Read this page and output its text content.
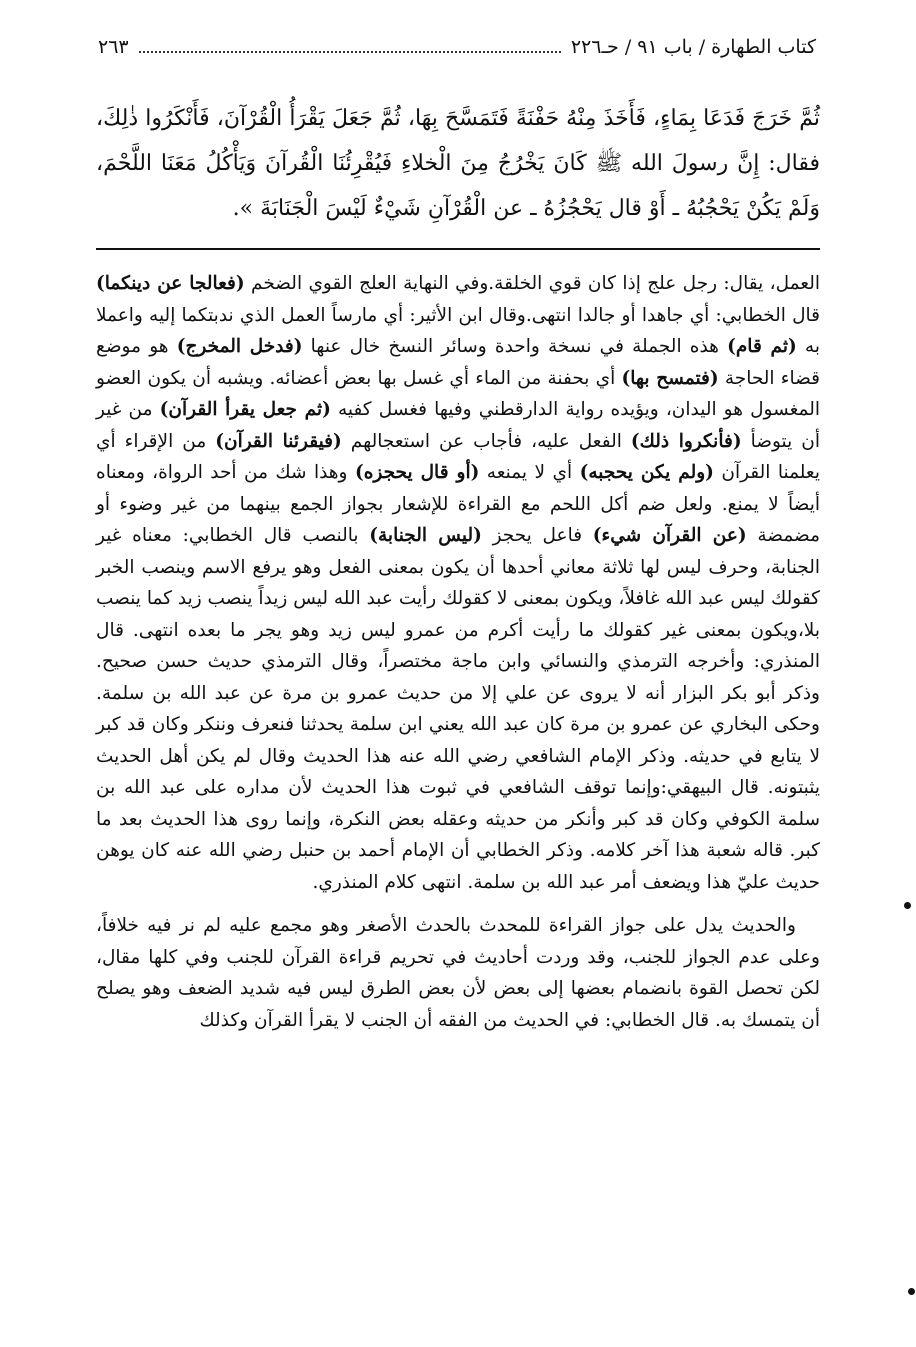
كتاب الطهارة / باب ٩١ / حـ٢٢٦
٢٦٣

ثُمَّ خَرَجَ فَدَعَا بِمَاءٍ، فَأَخَذَ مِنْهُ حَفْنَةً فَتَمَسَّحَ بِهَا، ثُمَّ جَعَلَ يَقْرَأُ الْقُرْآنَ، فَأَنْكَرُوا ذٰلِكَ، فقال: إِنَّ رسولَ الله ﷺ كَانَ يَخْرُجُ مِنَ الْخلاءِ فَيُقْرِئُنَا الْقُرآنَ وَيَأْكُلُ مَعَنَا اللَّحْمَ، وَلَمْ يَكُنْ يَحْجُبُهُ ـ أَوْ قال يَحْجُزُهُ ـ عن الْقُرْآنِ شَيْءٌ لَيْسَ الْجَنَابَةَ ».

العمل، يقال: رجل علج إذا كان قوي الخلقة.وفي النهاية العلج القوي الضخم (فعالجا عن دينكما) قال الخطابي: أي جاهدا أو جالدا انتهى.وقال ابن الأثير: أي مارساً العمل الذي ندبتكما إليه واعملا به (ثم قام) هذه الجملة في نسخة واحدة وسائر النسخ خال عنها (فدخل المخرج) هو موضع قضاء الحاجة (فتمسح بها) أي بحفنة من الماء أي غسل بها بعض أعضائه. ويشبه أن يكون العضو المغسول هو اليدان، ويؤيده رواية الدارقطني وفيها فغسل كفيه (ثم جعل يقرأ القرآن) من غير أن يتوضأ (فأنكروا ذلك) الفعل عليه، فأجاب عن استعجالهم (فيقرئنا القرآن) من الإقراء أي يعلمنا القرآن (ولم يكن يحجبه) أي لا يمنعه (أو قال يحجزه) وهذا شك من أحد الرواة، ومعناه أيضاً لا يمنع. ولعل ضم أكل اللحم مع القراءة للإشعار بجواز الجمع بينهما من غير وضوء أو مضمضة (عن القرآن شيء) فاعل يحجز (ليس الجنابة) بالنصب قال الخطابي: معناه غير الجنابة، وحرف ليس لها ثلاثة معاني أحدها أن يكون بمعنى الفعل وهو يرفع الاسم وينصب الخبر كقولك ليس عبد الله غافلاً، ويكون بمعنى لا كقولك رأيت عبد الله ليس زيداً ينصب زيد كما ينصب بلا،ويكون بمعنى غير كقولك ما رأيت أكرم من عمرو ليس زيد وهو يجر ما بعده انتهى. قال المنذري: وأخرجه الترمذي والنسائي وابن ماجة مختصراً، وقال الترمذي حديث حسن صحيح. وذكر أبو بكر البزار أنه لا يروى عن علي إلا من حديث عمرو بن مرة عن عبد الله بن سلمة. وحكى البخاري عن عمرو بن مرة كان عبد الله يعني ابن سلمة يحدثنا فنعرف وننكر وكان قد كبر لا يتابع في حديثه. وذكر الإمام الشافعي رضي الله عنه هذا الحديث وقال لم يكن أهل الحديث يثبتونه. قال البيهقي:وإنما توقف الشافعي في ثبوت هذا الحديث لأن مداره على عبد الله بن سلمة الكوفي وكان قد كبر وأنكر من حديثه وعقله بعض النكرة، وإنما روى هذا الحديث بعد ما كبر. قاله شعبة هذا آخر كلامه. وذكر الخطابي أن الإمام أحمد بن حنبل رضي الله عنه كان يوهن حديث عليّ هذا ويضعف أمر عبد الله بن سلمة. انتهى كلام المنذري.

والحديث يدل على جواز القراءة للمحدث بالحدث الأصغر وهو مجمع عليه لم نر فيه خلافاً، وعلى عدم الجواز للجنب، وقد وردت أحاديث في تحريم قراءة القرآن للجنب وفي كلها مقال، لكن تحصل القوة بانضمام بعضها إلى بعض لأن بعض الطرق ليس فيه شديد الضعف وهو يصلح أن يتمسك به. قال الخطابي: في الحديث من الفقه أن الجنب لا يقرأ القرآن وكذلك
